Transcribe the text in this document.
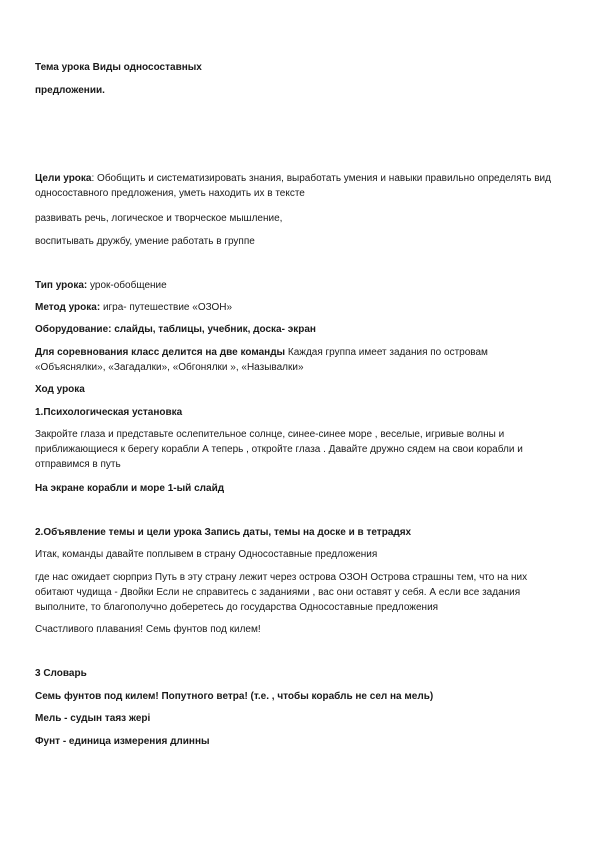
Тема урока Виды односоставных

предложении.

Цели урока: Обобщить и систематизировать знания, выработать умения и навыки правильно определять вид односоставного предложения, уметь находить их в тексте

развивать речь, логическое и творческое мышление,

воспитывать дружбу, умение работать в группе

Тип урока: урок-обобщение

Метод урока: игра- путешествие «ОЗОН»

Оборудование: слайды, таблицы, учебник, доска- экран

Для соревнования класс делится на две команды Каждая группа имеет задания по островам «Объяснялки», «Загадалки», «Обгонялки », «Называлки»

Ход урока

1.Психологическая установка

Закройте глаза и представьте ослепительное солнце, синее-синее море , веселые, игривые волны и приближающиеся к берегу корабли А теперь , откройте глаза . Давайте дружно сядем на свои корабли и отправимся в путь

На экране корабли и море 1-ый слайд

2.Объявление темы и цели урока Запись даты, темы на доске и в тетрадях

Итак, команды давайте поплывем в страну Односоставные предложения

где нас ожидает сюрприз Путь в эту страну лежит через острова ОЗОН Острова страшны тем, что на них обитают чудища - Двойки Если не справитесь с заданиями , вас они оставят у себя. А если все задания выполните, то благополучно доберетесь до государства Односоставные предложения

Счастливого плавания! Семь фунтов под килем!

3 Словарь

Семь фунтов под килем! Попутного ветра! (т.е. , чтобы корабль не сел на мель)

Мель - судын таяз жері

Фунт - единица измерения длинны
